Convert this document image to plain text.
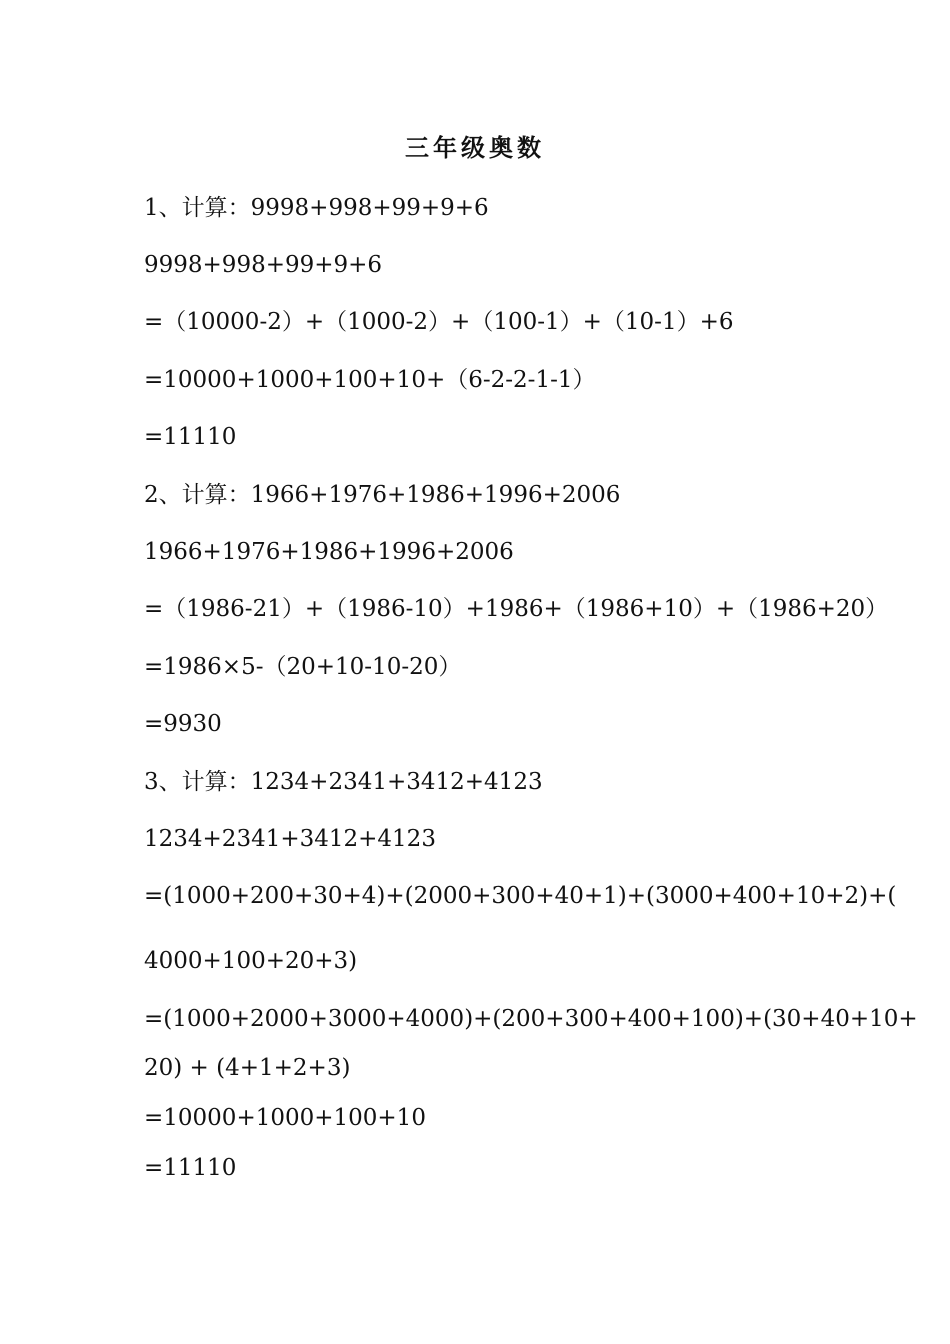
三年级奥数
1、计算：9998+998+99+9+6
9998+998+99+9+6
=（10000-2）+（1000-2）+（100-1）+（10-1）+6
=10000+1000+100+10+（6-2-2-1-1）
=11110
2、计算：1966+1976+1986+1996+2006
1966+1976+1986+1996+2006
=（1986-21）+（1986-10）+1986+（1986+10）+（1986+20）
=1986×5-（20+10-10-20）
=9930
3、计算：1234+2341+3412+4123
1234+2341+3412+4123
=(1000+200+30+4)+(2000+300+40+1)+(3000+400+10+2)+(
4000+100+20+3)
=(1000+2000+3000+4000)+(200+300+400+100)+(30+40+10+
20) + (4+1+2+3)
=10000+1000+100+10
=11110
